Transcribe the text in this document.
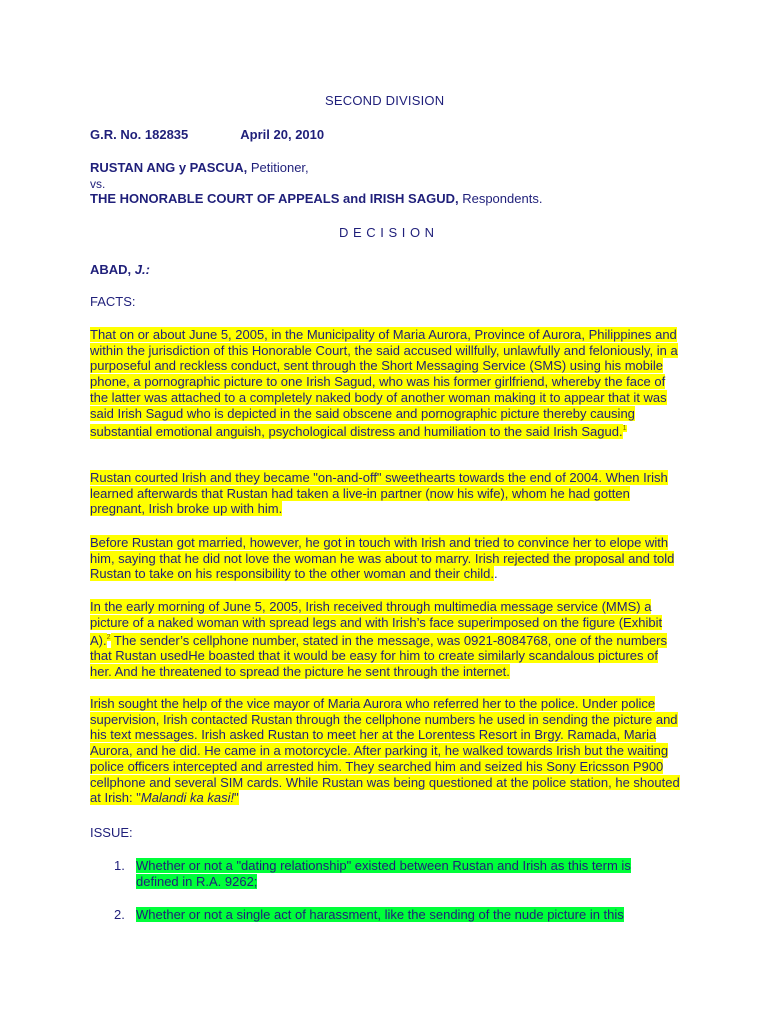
SECOND DIVISION
G.R. No. 182835	April 20, 2010
RUSTAN ANG y PASCUA, Petitioner,
vs.
THE HONORABLE COURT OF APPEALS and IRISH SAGUD, Respondents.
DECISION
ABAD, J.:
FACTS:

That on or about June 5, 2005, in the Municipality of Maria Aurora, Province of Aurora, Philippines and within the jurisdiction of this Honorable Court, the said accused willfully, unlawfully and feloniously, in a purposeful and reckless conduct, sent through the Short Messaging Service (SMS) using his mobile phone, a pornographic picture to one Irish Sagud, who was his former girlfriend, whereby the face of the latter was attached to a completely naked body of another woman making it to appear that it was said Irish Sagud who is depicted in the said obscene and pornographic picture thereby causing substantial emotional anguish, psychological distress and humiliation to the said Irish Sagud.$^1$

Rustan courted Irish and they became "on-and-off" sweethearts towards the end of 2004. When Irish learned afterwards that Rustan had taken a live-in partner (now his wife), whom he had gotten pregnant, Irish broke up with him.

Before Rustan got married, however, he got in touch with Irish and tried to convince her to elope with him, saying that he did not love the woman he was about to marry. Irish rejected the proposal and told Rustan to take on his responsibility to the other woman and their child..

In the early morning of June 5, 2005, Irish received through multimedia message service (MMS) a picture of a naked woman with spread legs and with Irish’s face superimposed on the figure (Exhibit A).$^2$ The sender’s cellphone number, stated in the message, was 0921-8084768, one of the numbers that Rustan usedHe boasted that it would be easy for him to create similarly scandalous pictures of her. And he threatened to spread the picture he sent through the internet.

Irish sought the help of the vice mayor of Maria Aurora who referred her to the police. Under police supervision, Irish contacted Rustan through the cellphone numbers he used in sending the picture and his text messages. Irish asked Rustan to meet her at the Lorentess Resort in Brgy. Ramada, Maria Aurora, and he did. He came in a motorcycle. After parking it, he walked towards Irish but the waiting police officers intercepted and arrested him. They searched him and seized his Sony Ericsson P900 cellphone and several SIM cards. While Rustan was being questioned at the police station, he shouted at Irish: "Malandi ka kasi!"

ISSUE:
1. Whether or not a "dating relationship" existed between Rustan and Irish as this term is defined in R.A. 9262;
2. Whether or not a single act of harassment, like the sending of the nude picture in this
